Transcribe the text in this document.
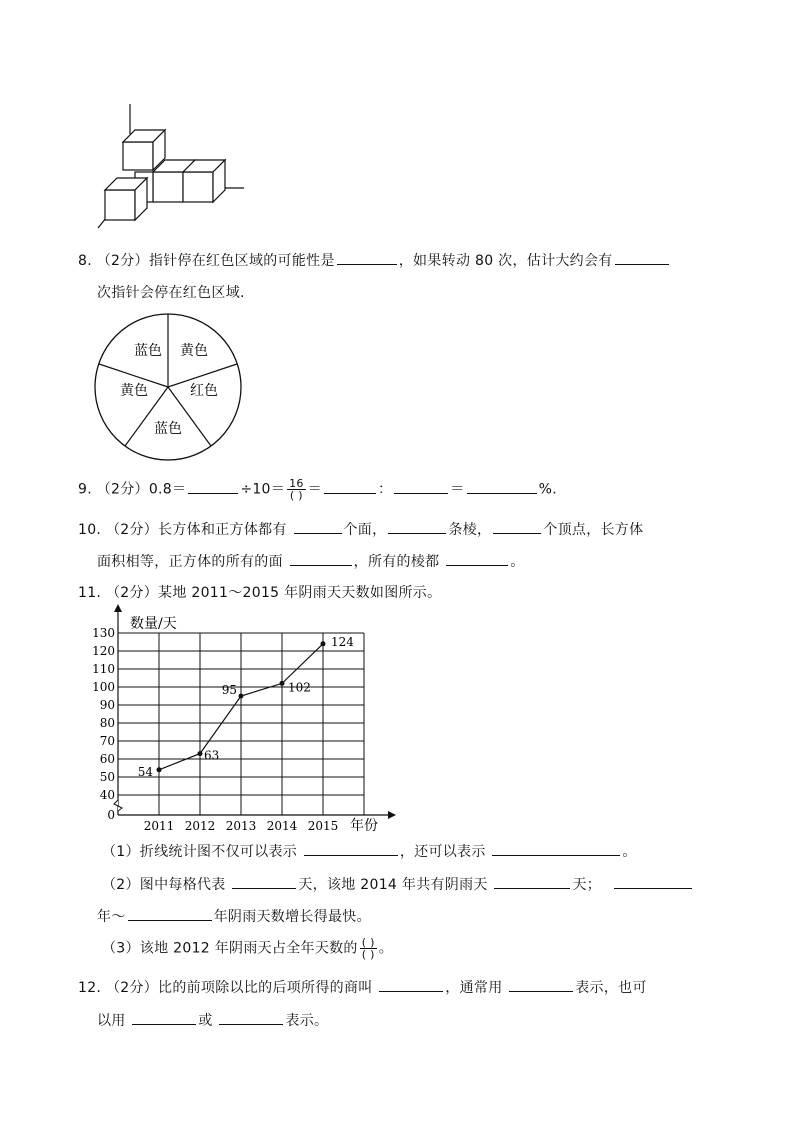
8. （2分）指针停在红色区域的可能性是	，如果转动 80 次，估计大约会有
次指针会停在红色区域.
蓝色 黄色
红色
蓝色
黄色
9. （2分）0.8＝	$\div 10= \frac{16}{( )}$ ＝	：	＝	%.
10. （2分）长方体和正方体都有	个面，	条棱，	个顶点，长方体
面积相等，正方体的所有的面	，所有的棱都	。
11. （2分）某地 2011～2015 年阴雨天天数如图所示。
0
40
50
60
70
80
90
100
110
120
130
2011 2012 2013 2014 2015
数量/天
年份
54
63
95	102
124
（1）折线统计图不仅可以表示	，还可以表示	。
（2）图中每格代表	天，该地 2014 年共有阴雨天	天；
年～	年阴雨天数增长得最快。
（3）该地 2012 年阴雨天占全年天数的 $\frac{( )}{( )}$ 。
12. （2分）比的前项除以比的后项所得的商叫	，通常用	表示，也可
以用	或	表示。
